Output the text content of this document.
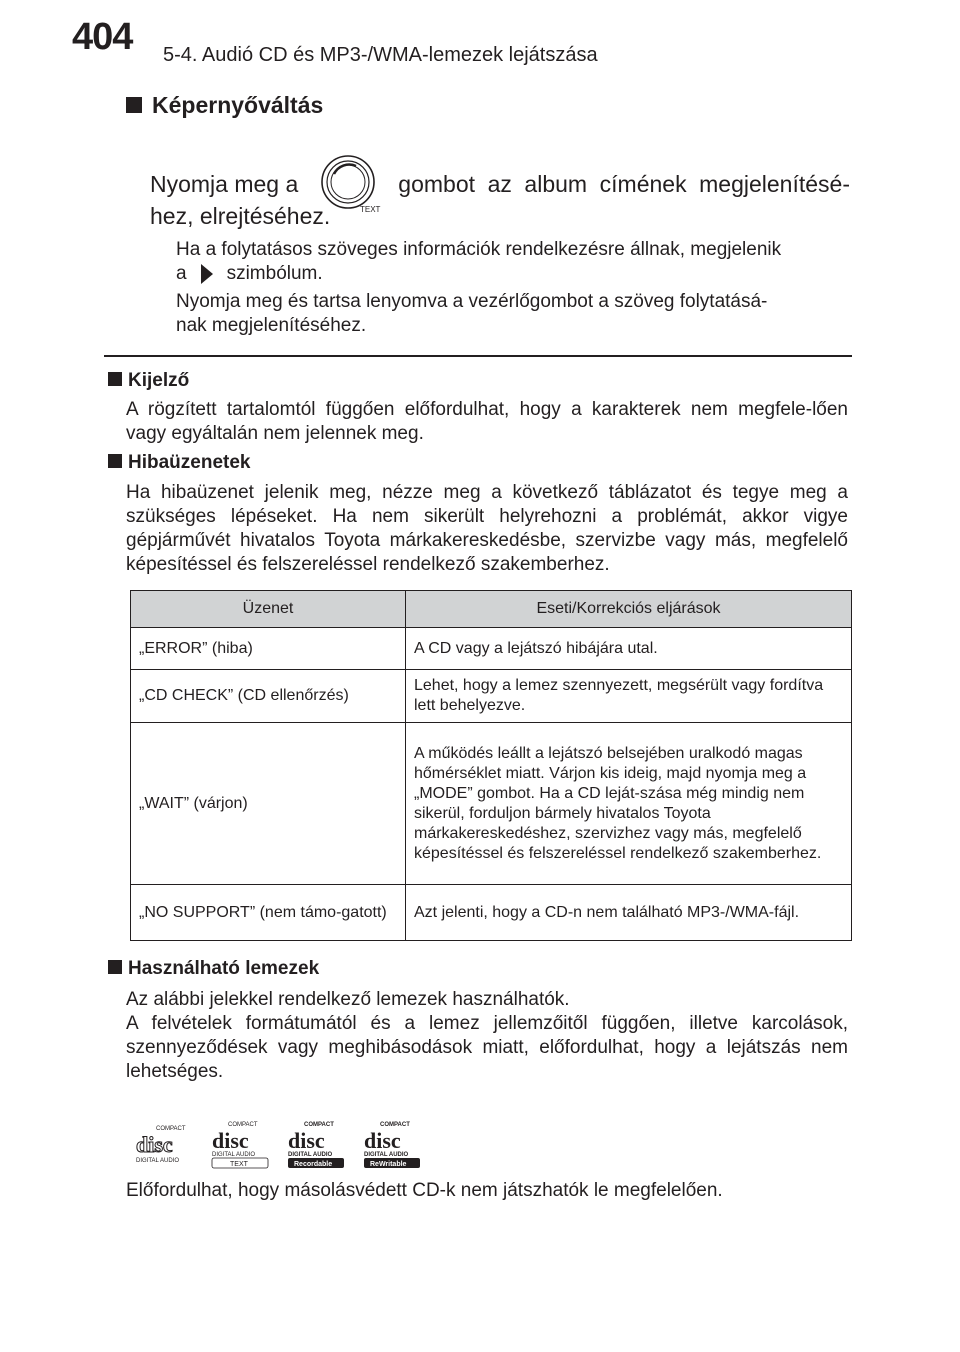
404 5-4. Audió CD és MP3-/WMA-lemezek lejátszása
Képernyőváltás
Nyomja meg a
TEXT
gombot az album címének megjelenítésé-
hez, elrejtéséhez.
Ha a folytatásos szöveges információk rendelkezésre állnak, megjelenik
a szimbólum.
Nyomja meg és tartsa lenyomva a vezérlőgombot a szöveg folytatásá-
nak megjelenítéséhez.
Kijelző
A rögzített tartalomtól függően előfordulhat, hogy a karakterek nem megfele-lően vagy egyáltalán nem jelennek meg.
Hibaüzenetek
Ha hibaüzenet jelenik meg, nézze meg a következő táblázatot és tegye meg a szükséges lépéseket. Ha nem sikerült helyrehozni a problémát, akkor vigye gépjárművét hivatalos Toyota márkakereskedésbe, szervizbe vagy más, megfelelő képesítéssel és felszereléssel rendelkező szakemberhez.
Üzenet	Eseti/Korrekciós eljárások
„ERROR” (hiba)	A CD vagy a lejátszó hibájára utal.
„CD CHECK” (CD ellenőrzés)	Lehet, hogy a lemez szennyezett, megsérült vagy fordítva lett behelyezve.
„WAIT” (várjon)	A működés leállt a lejátszó belsejében uralkodó magas hőmérséklet miatt. Várjon kis ideig, majd nyomja meg a „MODE” gombot. Ha a CD leját-szása még mindig nem sikerül, forduljon bármely hivatalos Toyota márkakereskedéshez, szervizhez vagy más, megfelelő képesítéssel és felszereléssel rendelkező szakemberhez.
„NO SUPPORT” (nem támo-gatott)	Azt jelenti, hogy a CD-n nem található MP3-/WMA-fájl.
Használható lemezek
Az alábbi jelekkel rendelkező lemezek használhatók.
A felvételek formátumától és a lemez jellemzőitől függően, illetve karcolások, szennyeződések vagy meghibásodások miatt, előfordulhat, hogy a lejátszás nem lehetséges.
COMPACT
disc
DIGITAL AUDIO
COMPACT
disc
DIGITAL AUDIO
TEXT
COMPACT
disc
DIGITAL AUDIO
Recordable
COMPACT
disc
DIGITAL AUDIO
ReWritable
Előfordulhat, hogy másolásvédett CD-k nem játszhatók le megfelelően.
